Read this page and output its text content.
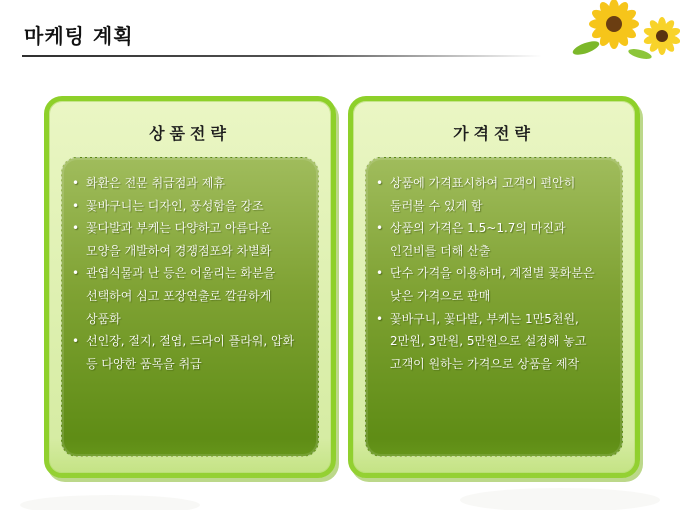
마케팅 계획
상품전략
• 화환은 전문 취급점과 제휴
• 꽃바구니는 디자인, 풍성함을 강조
• 꽃다발과 부케는 다양하고 아름다운 모양을 개발하여 경쟁점포와 차별화
• 관엽식물과 난 등은 어울리는 화분을 선택하여 심고 포장연출로 깔끔하게 상품화
• 선인장, 절지, 절엽, 드라이 플라워, 압화 등 다양한 품목을 취급
가격전략
• 상품에 가격표시하여 고객이 편안히 둘러볼 수 있게 함
• 상품의 가격은 1.5~1.7의 마진과 인건비를 더해 산출
• 단수 가격을 이용하며, 계절별 꽃화분은 낮은 가격으로 판매
• 꽃바구니, 꽃다발, 부케는 1만5천원, 2만원, 3만원, 5만원으로 설정해 놓고 고객이 원하는 가격으로 상품을 제작
